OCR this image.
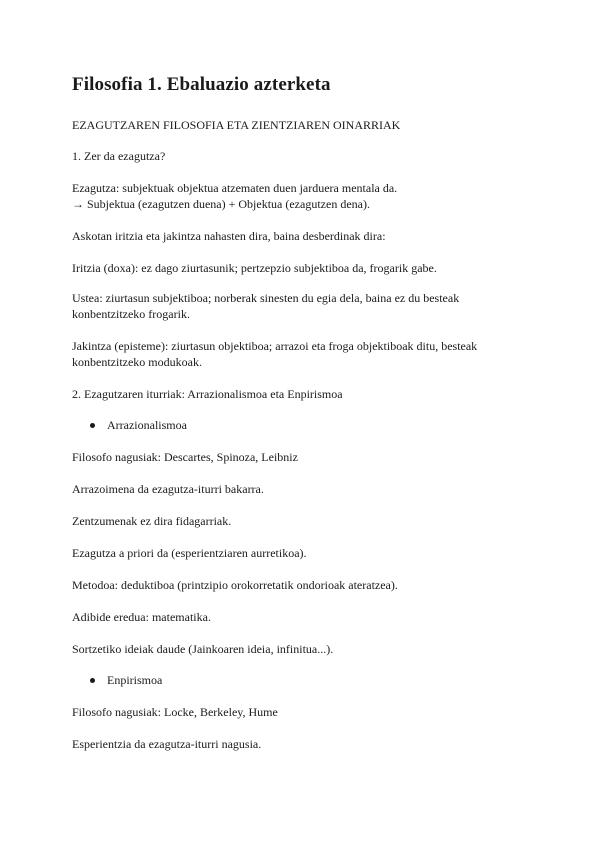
Filosofia 1. Ebaluazio azterketa

EZAGUTZAREN FILOSOFIA ETA ZIENTZIAREN OINARRIAK

1. Zer da ezagutza?

Ezagutza: subjektuak objektua atzematen duen jarduera mentala da.

→ Subjektua (ezagutzen duena) + Objektua (ezagutzen dena).

Askotan iritzia eta jakintza nahasten dira, baina desberdinak dira:

Iritzia (doxa): ez dago ziurtasunik; pertzepzio subjektiboa da, frogarik gabe.

Ustea: ziurtasun subjektiboa; norberak sinesten du egia dela, baina ez du besteak

konbentzitzeko frogarik.

Jakintza (episteme): ziurtasun objektiboa; arrazoi eta froga objektiboak ditu, besteak

konbentzitzeko modukoak.

2. Ezagutzaren iturriak: Arrazionalismoa eta Enpirismoa

Arrazionalismoa

Filosofo nagusiak: Descartes, Spinoza, Leibniz

Arrazoimena da ezagutza-iturri bakarra.

Zentzumenak ez dira fidagarriak.

Ezagutza a priori da (esperientziaren aurretikoa).

Metodoa: deduktiboa (printzipio orokorretatik ondorioak ateratzea).

Adibide eredua: matematika.

Sortzetiko ideiak daude (Jainkoaren ideia, infinitua...).

Enpirismoa

Filosofo nagusiak: Locke, Berkeley, Hume

Esperientzia da ezagutza-iturri nagusia.
